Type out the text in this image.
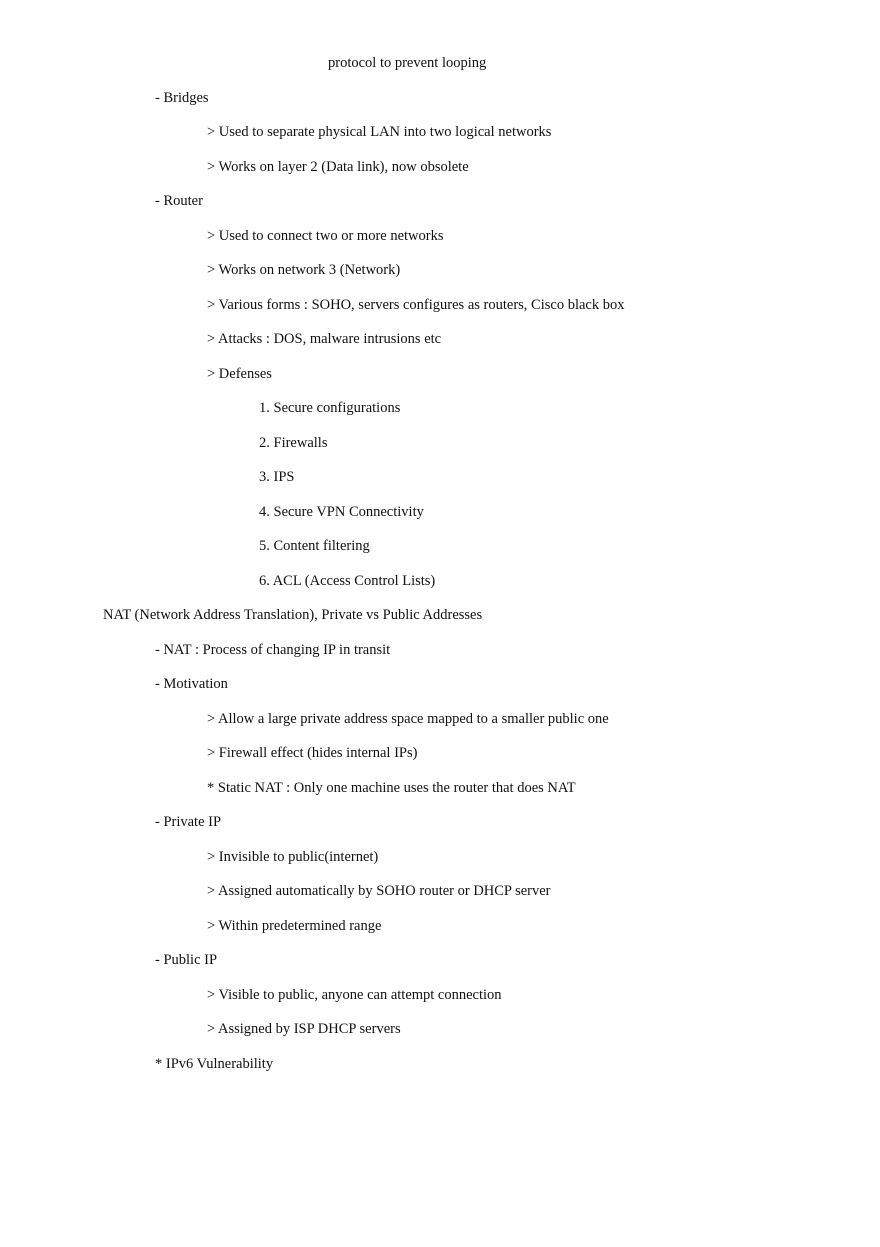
protocol to prevent looping
- Bridges
> Used to separate physical LAN into two logical networks
> Works on layer 2 (Data link), now obsolete
- Router
> Used to connect two or more networks
> Works on network 3 (Network)
> Various forms : SOHO, servers configures as routers, Cisco black box
> Attacks : DOS, malware intrusions etc
> Defenses
1. Secure configurations
2. Firewalls
3. IPS
4. Secure VPN Connectivity
5. Content filtering
6. ACL (Access Control Lists)
NAT (Network Address Translation), Private vs Public Addresses
- NAT : Process of changing IP in transit
- Motivation
> Allow a large private address space mapped to a smaller public one
> Firewall effect (hides internal IPs)
* Static NAT : Only one machine uses the router that does NAT
- Private IP
> Invisible to public(internet)
> Assigned automatically by SOHO router or DHCP server
> Within predetermined range
- Public IP
> Visible to public, anyone can attempt connection
> Assigned by ISP DHCP servers
* IPv6 Vulnerability
